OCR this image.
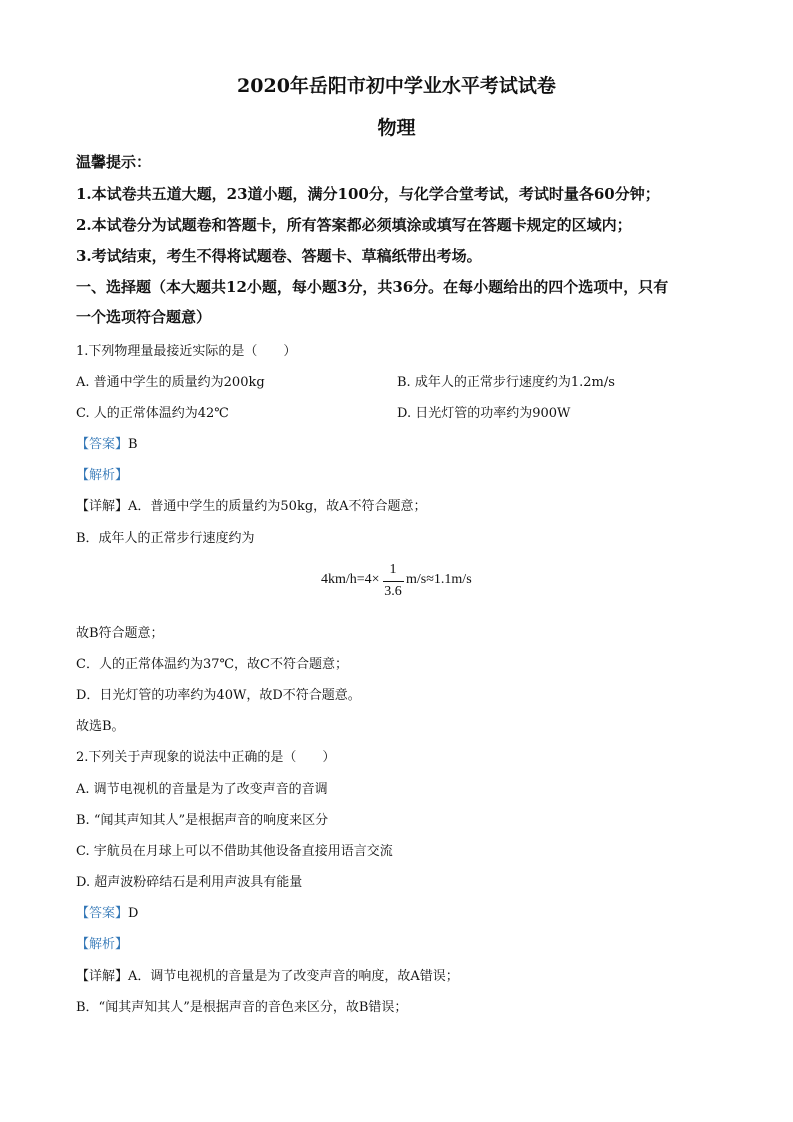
2020年岳阳市初中学业水平考试试卷
物理
温馨提示：
1.本试卷共五道大题，23道小题，满分100分，与化学合堂考试，考试时量各60分钟；
2.本试卷分为试题卷和答题卡，所有答案都必须填涂或填写在答题卡规定的区域内；
3.考试结束，考生不得将试题卷、答题卡、草稿纸带出考场。
一、选择题（本大题共12小题，每小题3分，共36分。在每小题给出的四个选项中，只有
一个选项符合题意）
1.下列物理量最接近实际的是（　　）
A. 普通中学生的质量约为200kg	B. 成年人的正常步行速度约为1.2m/s
C. 人的正常体温约为42℃	D. 日光灯管的功率约为900W
【答案】B
【解析】
【详解】A．普通中学生的质量约为50kg，故A不符合题意；
B．成年人的正常步行速度约为
4km/h=4×
1
3.6
m/s≈1.1m/s
故B符合题意；
C．人的正常体温约为37℃，故C不符合题意；
D．日光灯管的功率约为40W，故D不符合题意。
故选B。
2.下列关于声现象的说法中正确的是（　　）
A. 调节电视机的音量是为了改变声音的音调
B. “闻其声知其人”是根据声音的响度来区分
C. 宇航员在月球上可以不借助其他设备直接用语言交流
D. 超声波粉碎结石是利用声波具有能量
【答案】D
【解析】
【详解】A．调节电视机的音量是为了改变声音的响度，故A错误；
B．“闻其声知其人”是根据声音的音色来区分，故B错误；
